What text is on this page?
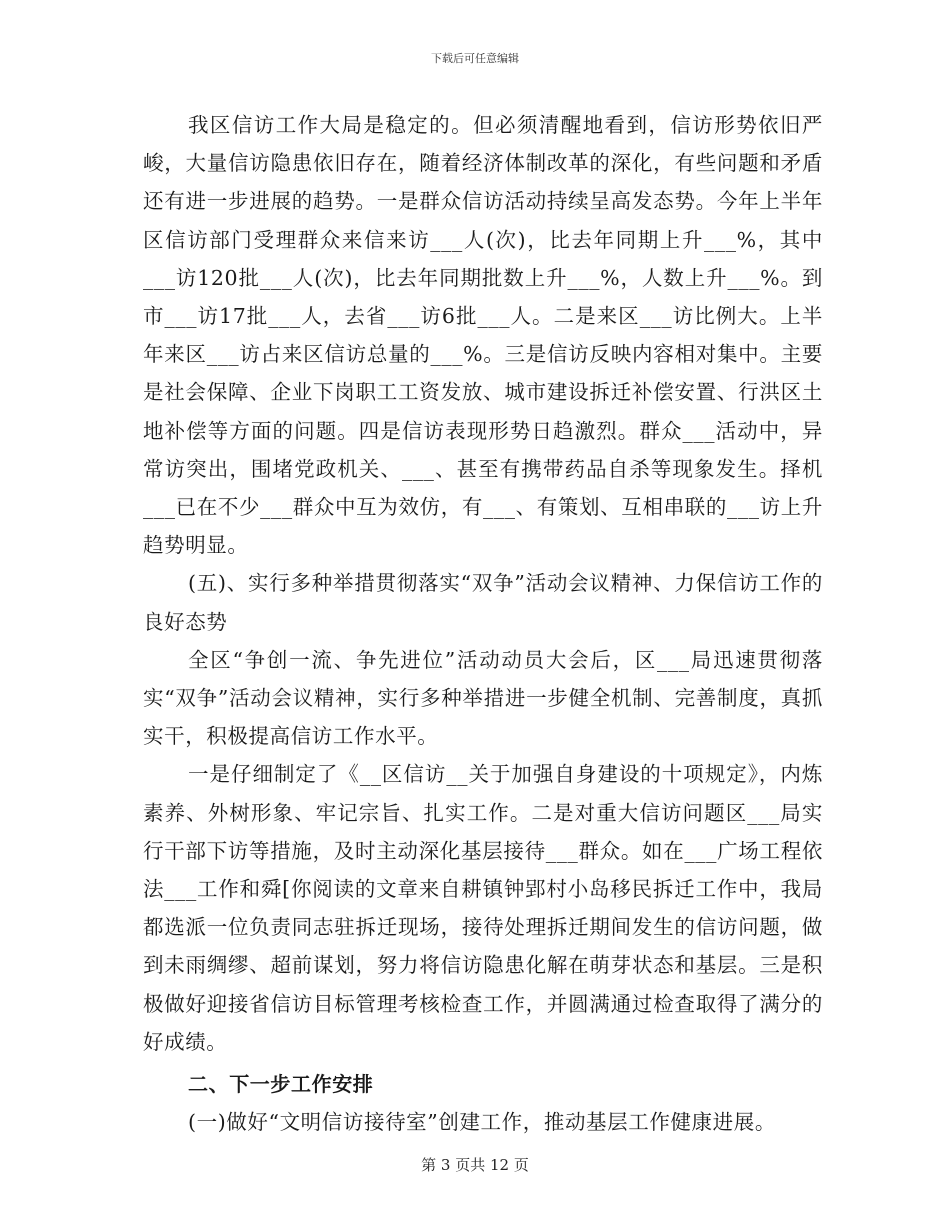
下载后可任意编辑

我区信访工作大局是稳定的。但必须清醒地看到，信访形势依旧严峻，大量信访隐患依旧存在，随着经济体制改革的深化，有些问题和矛盾还有进一步进展的趋势。一是群众信访活动持续呈高发态势。今年上半年区信访部门受理群众来信来访___人(次)，比去年同期上升___%，其中___访120批___人(次)，比去年同期批数上升___%，人数上升___%。到市___访17批___人，去省___访6批___人。二是来区___访比例大。上半年来区___访占来区信访总量的___%。三是信访反映内容相对集中。主要是社会保障、企业下岗职工工资发放、城市建设拆迁补偿安置、行洪区土地补偿等方面的问题。四是信访表现形势日趋激烈。群众___活动中，异常访突出，围堵党政机关、___、甚至有携带药品自杀等现象发生。择机___已在不少___群众中互为效仿，有___、有策划、互相串联的___访上升趋势明显。

(五)、实行多种举措贯彻落实“双争”活动会议精神、力保信访工作的良好态势

全区“争创一流、争先进位”活动动员大会后，区___局迅速贯彻落实“双争”活动会议精神，实行多种举措进一步健全机制、完善制度，真抓实干，积极提高信访工作水平。

一是仔细制定了《__区信访__关于加强自身建设的十项规定》，内炼素养、外树形象、牢记宗旨、扎实工作。二是对重大信访问题区___局实行干部下访等措施，及时主动深化基层接待___群众。如在___广场工程依法___工作和舜[你阅读的文章来自耕镇钟郢村小岛移民拆迁工作中，我局都选派一位负责同志驻拆迁现场，接待处理拆迁期间发生的信访问题，做到未雨绸缪、超前谋划，努力将信访隐患化解在萌芽状态和基层。三是积极做好迎接省信访目标管理考核检查工作，并圆满通过检查取得了满分的好成绩。

二、下一步工作安排

(一)做好“文明信访接待室”创建工作，推动基层工作健康进展。

第 3 页共 12 页
